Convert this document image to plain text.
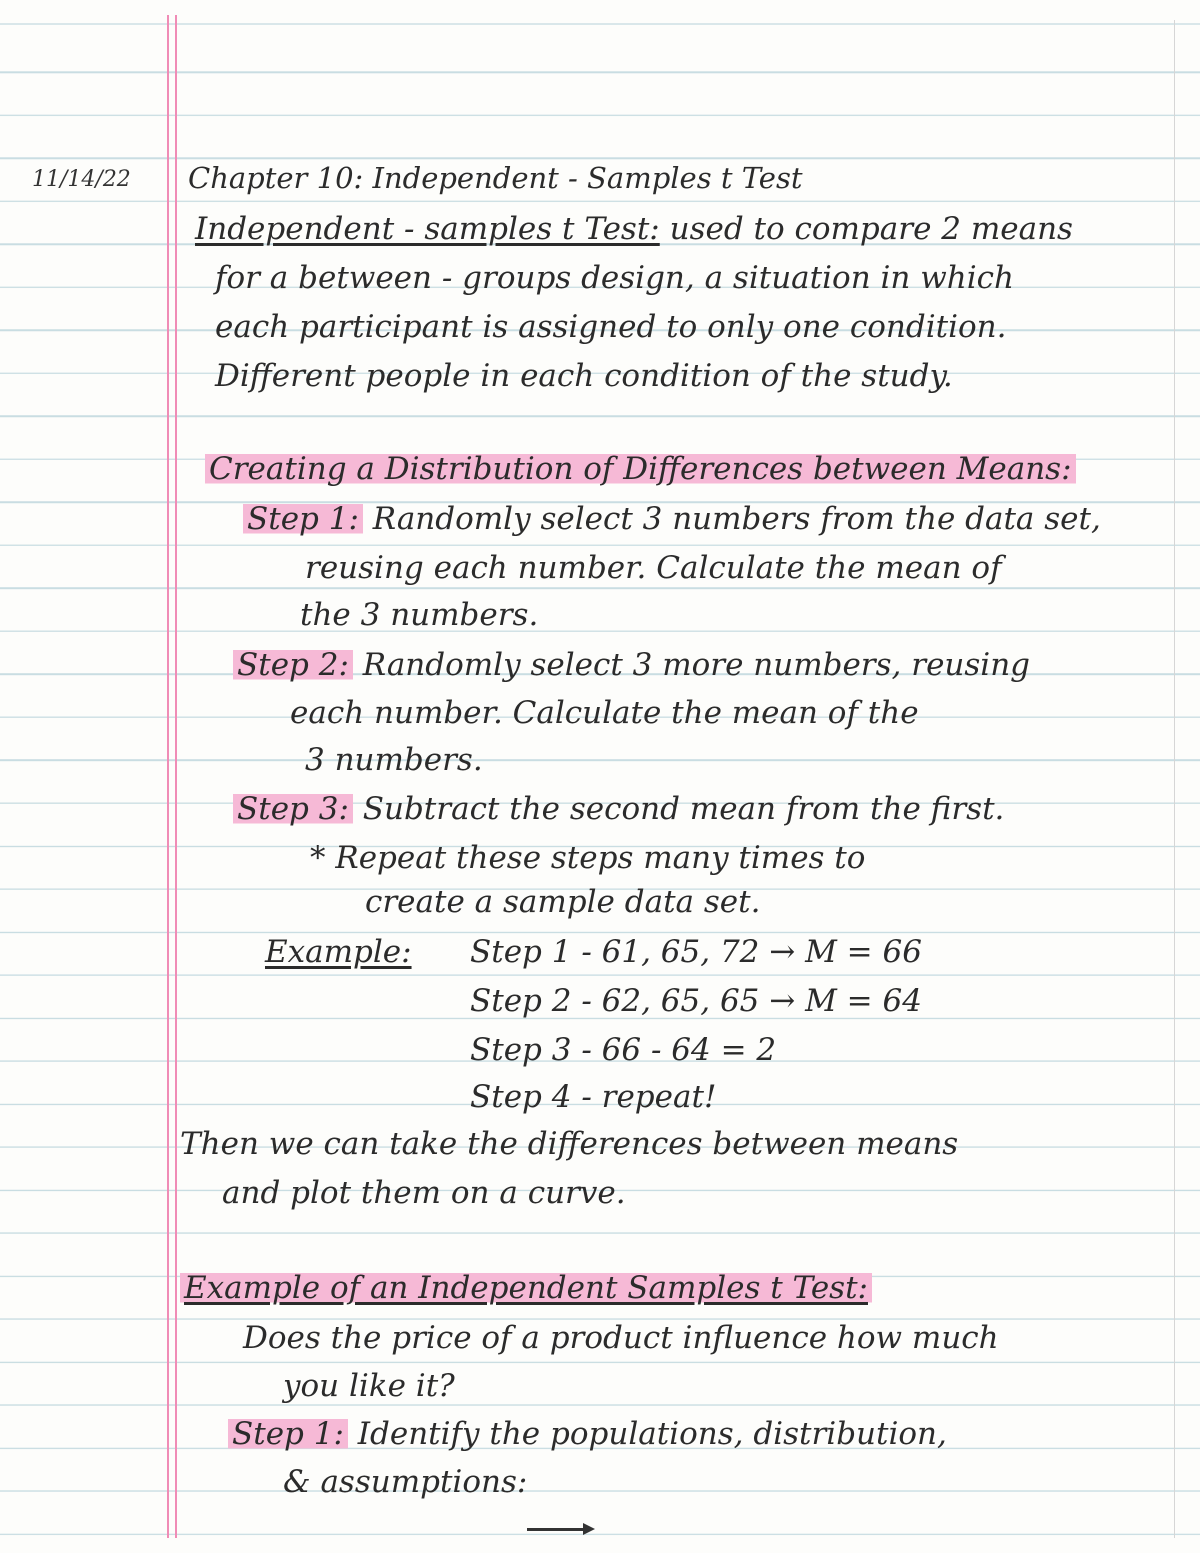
11/14/22 Chapter 10: Independent - Samples t Test
Independent - samples t Test: used to compare 2 means
for a between - groups design, a situation in which
each participant is assigned to only one condition.
Different people in each condition of the study.
Creating a Distribution of Differences between Means:
Step 1: Randomly select 3 numbers from the data set,
reusing each number. Calculate the mean of
the 3 numbers.
Step 2: Randomly select 3 more numbers, reusing
each number. Calculate the mean of the
3 numbers.
Step 3: Subtract the second mean from the first.
* Repeat these steps many times to
create a sample data set.
Example: Step 1 - 61, 65, 72 → M = 66
Step 2 - 62, 65, 65 → M = 64
Step 3 - 66 - 64 = 2
Step 4 - repeat!
Then we can take the differences between means
and plot them on a curve.
Example of an Independent Samples t Test:
Does the price of a product influence how much
you like it?
Step 1: Identify the populations, distribution,
& assumptions:
